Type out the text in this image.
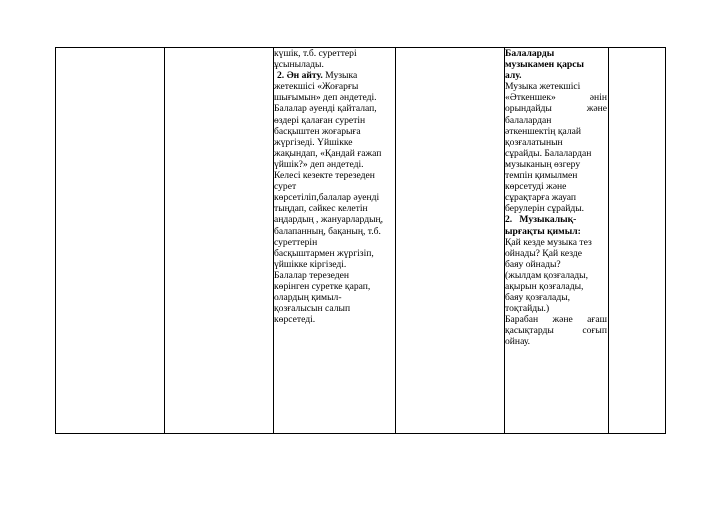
күшік, т.б. суреттері
ұсынылады.
2. Ән айту. Музыка
жетекшісі «Жоғарғы
шығымын» деп әндетеді.
Балалар әуенді қайталап,
өздері қалаған суретін
басқыштен жоғарыға
жүргізеді. Үйшікке
жақындап, «Қандай ғажап
үйшік?» деп әндетеді.
Келесі кезекте терезеден
сурет
көрсетіліп,балалар әуенді
тыңдап, сәйкес келетін
аңдардың , жануарлардың,
балапанның, бақаның, т.б.
суреттерін
басқыштармен жүргізіп,
үйшікке кіргізеді.
Балалар терезеден
көрінген суретке қарап,
олардың қимыл-
қозғалысын салып
көрсетеді.

Балаларды
музыкамен қарсы
алу.
Музыка жетекшісі
«Әткеншек»	әнін
орындайды	және
балалардан
әткеншектің қалай
қозғалатынын
сұрайды. Балалардан
музыканың өзгеру
темпін қимылмен
көрсетуді және
сұрақтарға жауап
берулерін сұрайды.
2. Музыкалық-
ырғақты қимыл:
Қай кезде музыка тез
ойнады? Қай кезде
баяу ойнады?
(жылдам қозғалады,
ақырын қозғалады,
баяу қозғалады,
тоқтайды.)
Барабан және ағаш
қасықтарды	соғып
ойнау.
